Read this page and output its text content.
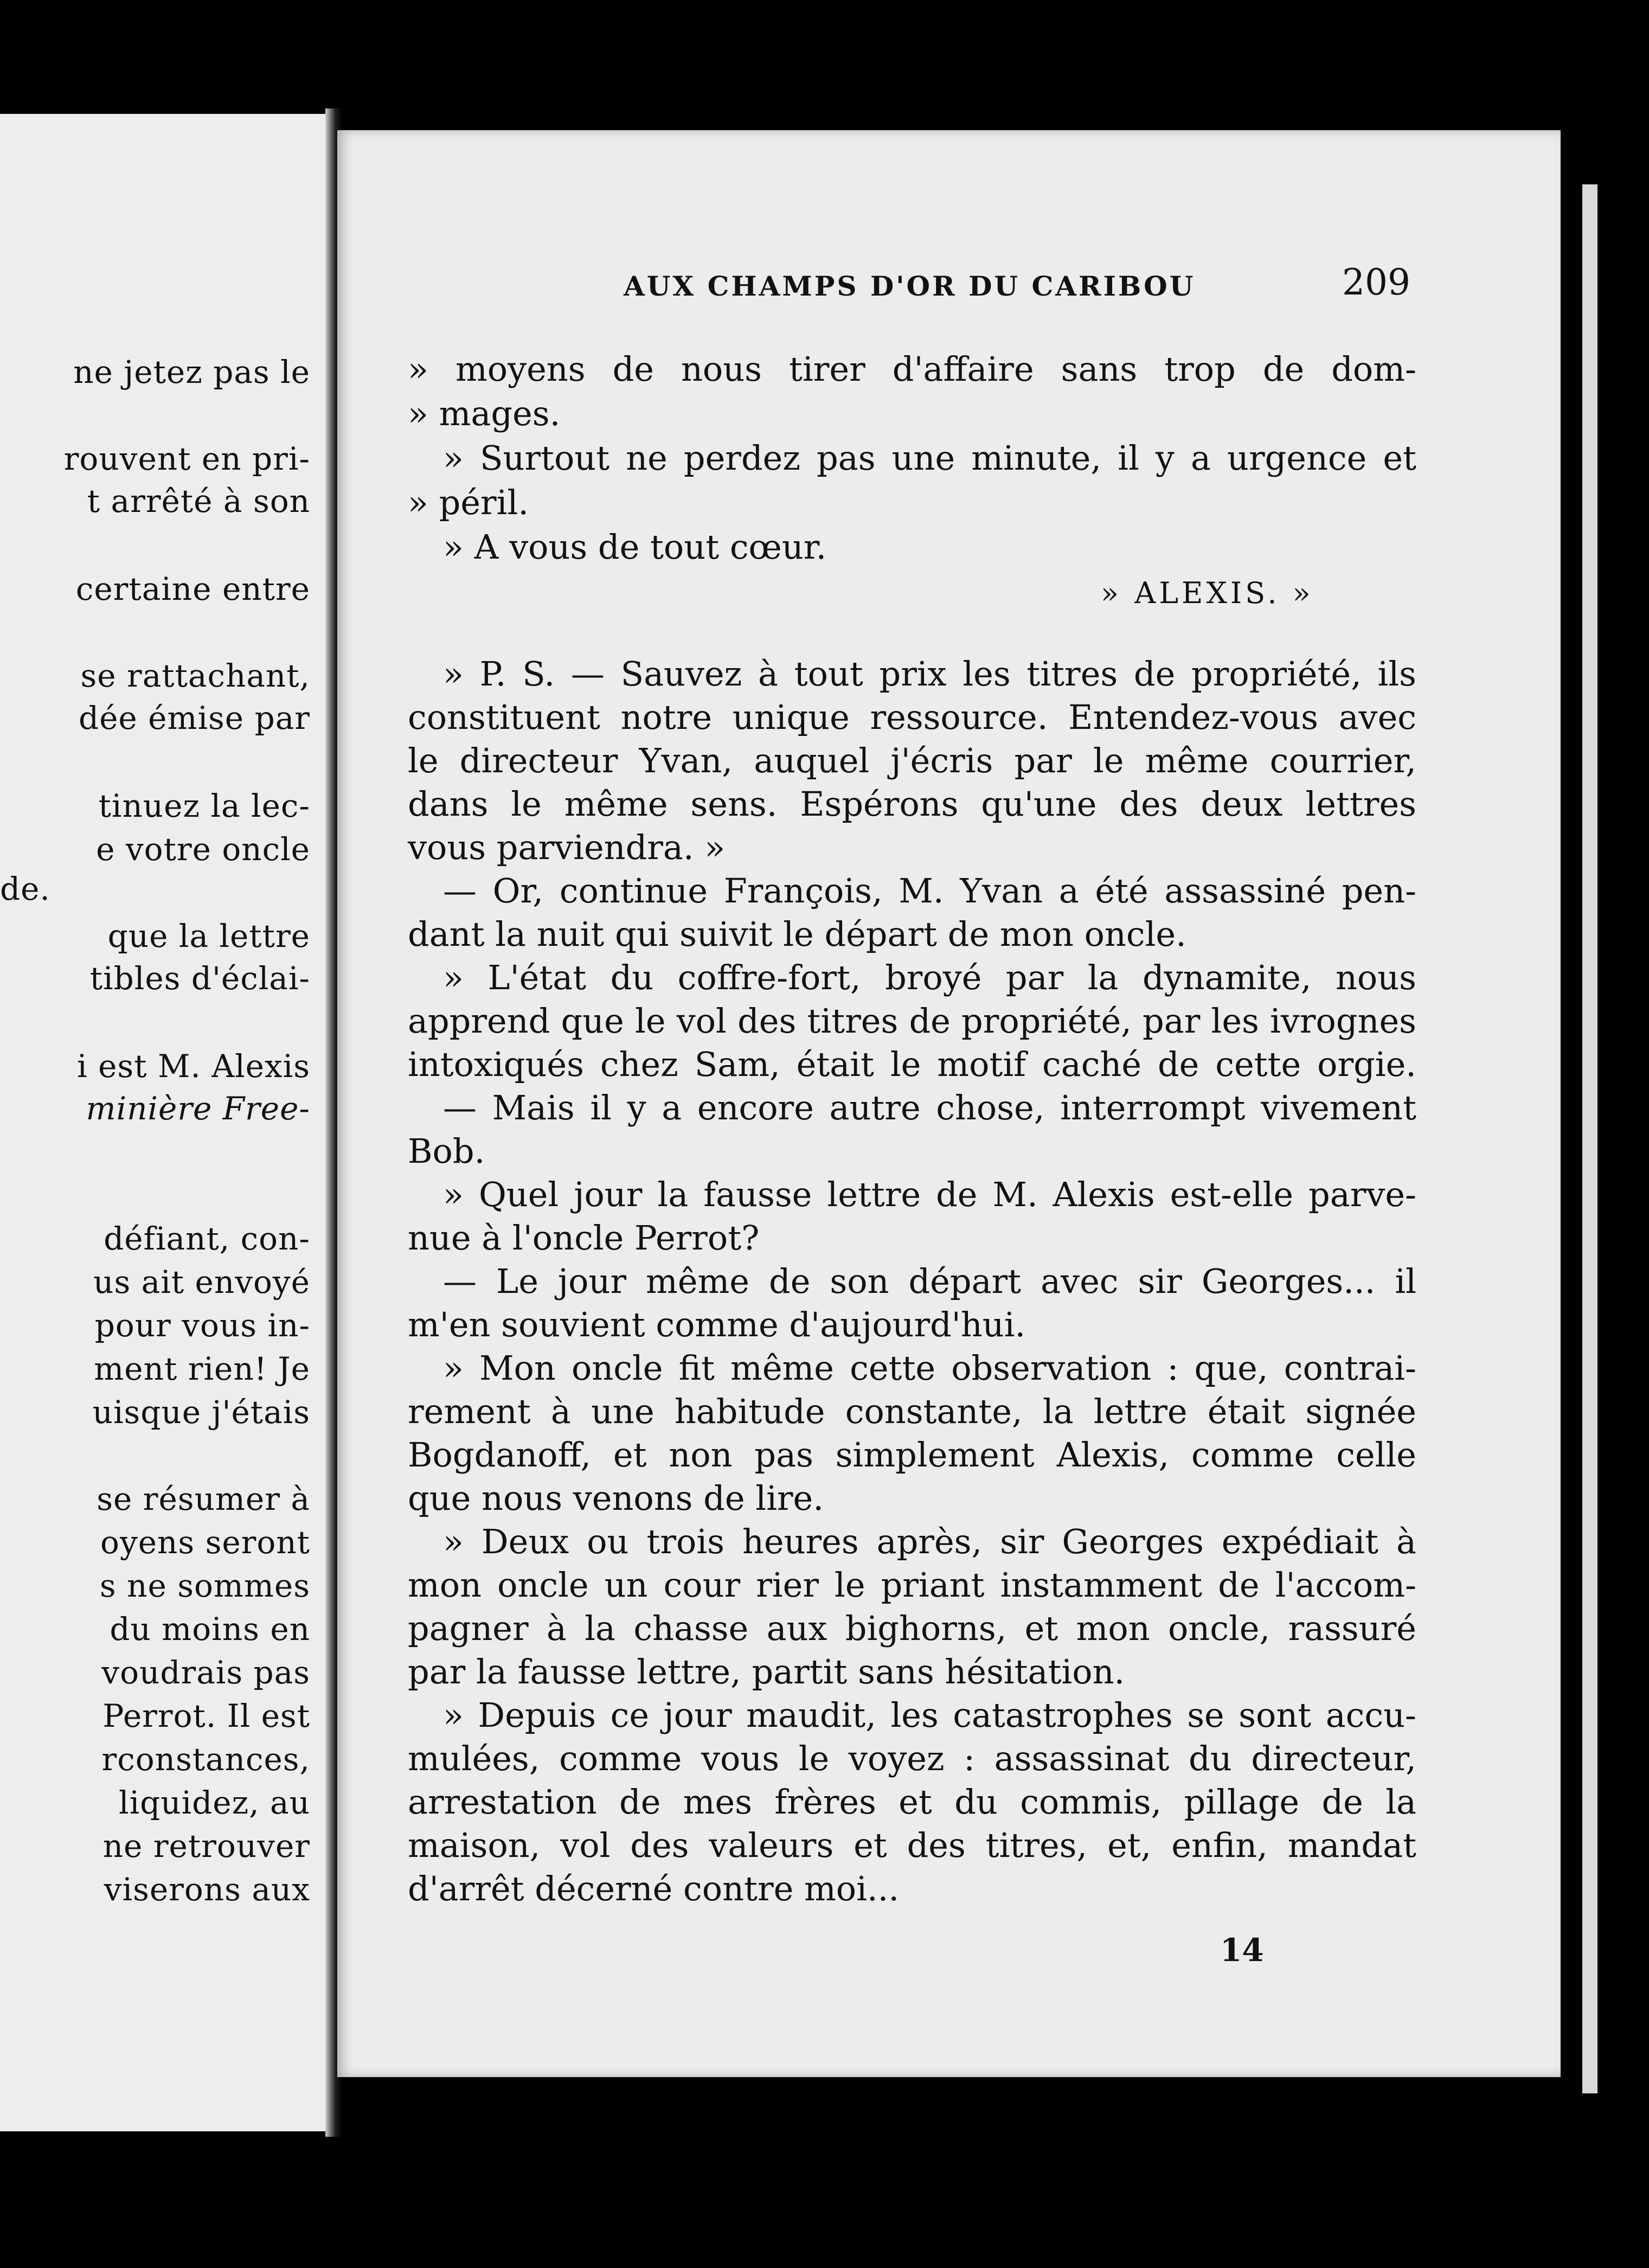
ne jetez pas le
rouvent en pri-
t arrêté à son
certaine entre
se rattachant,
dée émise par
tinuez la lec-
e votre oncle
de.
que la lettre
tibles d'éclai-
i est M. Alexis
minière Free-
défiant, con-
us ait envoyé
pour vous in-
ment rien! Je
uisque j'étais
se résumer à
oyens seront
s ne sommes
du moins en
voudrais pas
Perrot. Il est
rconstances,
liquidez, au
ne retrouver
viserons aux
AUX CHAMPS D'OR DU CARIBOU	209
» moyens de nous tirer d'affaire sans trop de dom-
» mages.
» Surtout ne perdez pas une minute, il y a urgence et
» péril.
» A vous de tout cœur.
» ALEXIS. »
» P. S. — Sauvez à tout prix les titres de propriété, ils
constituent notre unique ressource. Entendez-vous avec
le directeur Yvan, auquel j'écris par le même courrier,
dans le même sens. Espérons qu'une des deux lettres
vous parviendra. »
— Or, continue François, M. Yvan a été assassiné pen-
dant la nuit qui suivit le départ de mon oncle.
» L'état du coffre-fort, broyé par la dynamite, nous
apprend que le vol des titres de propriété, par les ivrognes
intoxiqués chez Sam, était le motif caché de cette orgie.
— Mais il y a encore autre chose, interrompt vivement
Bob.
» Quel jour la fausse lettre de M. Alexis est-elle parve-
nue à l'oncle Perrot?
— Le jour même de son départ avec sir Georges... il
m'en souvient comme d'aujourd'hui.
» Mon oncle fit même cette observation : que, contrai-
rement à une habitude constante, la lettre était signée
Bogdanoff, et non pas simplement Alexis, comme celle
que nous venons de lire.
» Deux ou trois heures après, sir Georges expédiait à
mon oncle un cour rier le priant instamment de l'accom-
pagner à la chasse aux bighorns, et mon oncle, rassuré
par la fausse lettre, partit sans hésitation.
» Depuis ce jour maudit, les catastrophes se sont accu-
mulées, comme vous le voyez : assassinat du directeur,
arrestation de mes frères et du commis, pillage de la
maison, vol des valeurs et des titres, et, enfin, mandat
d'arrêt décerné contre moi...
14
